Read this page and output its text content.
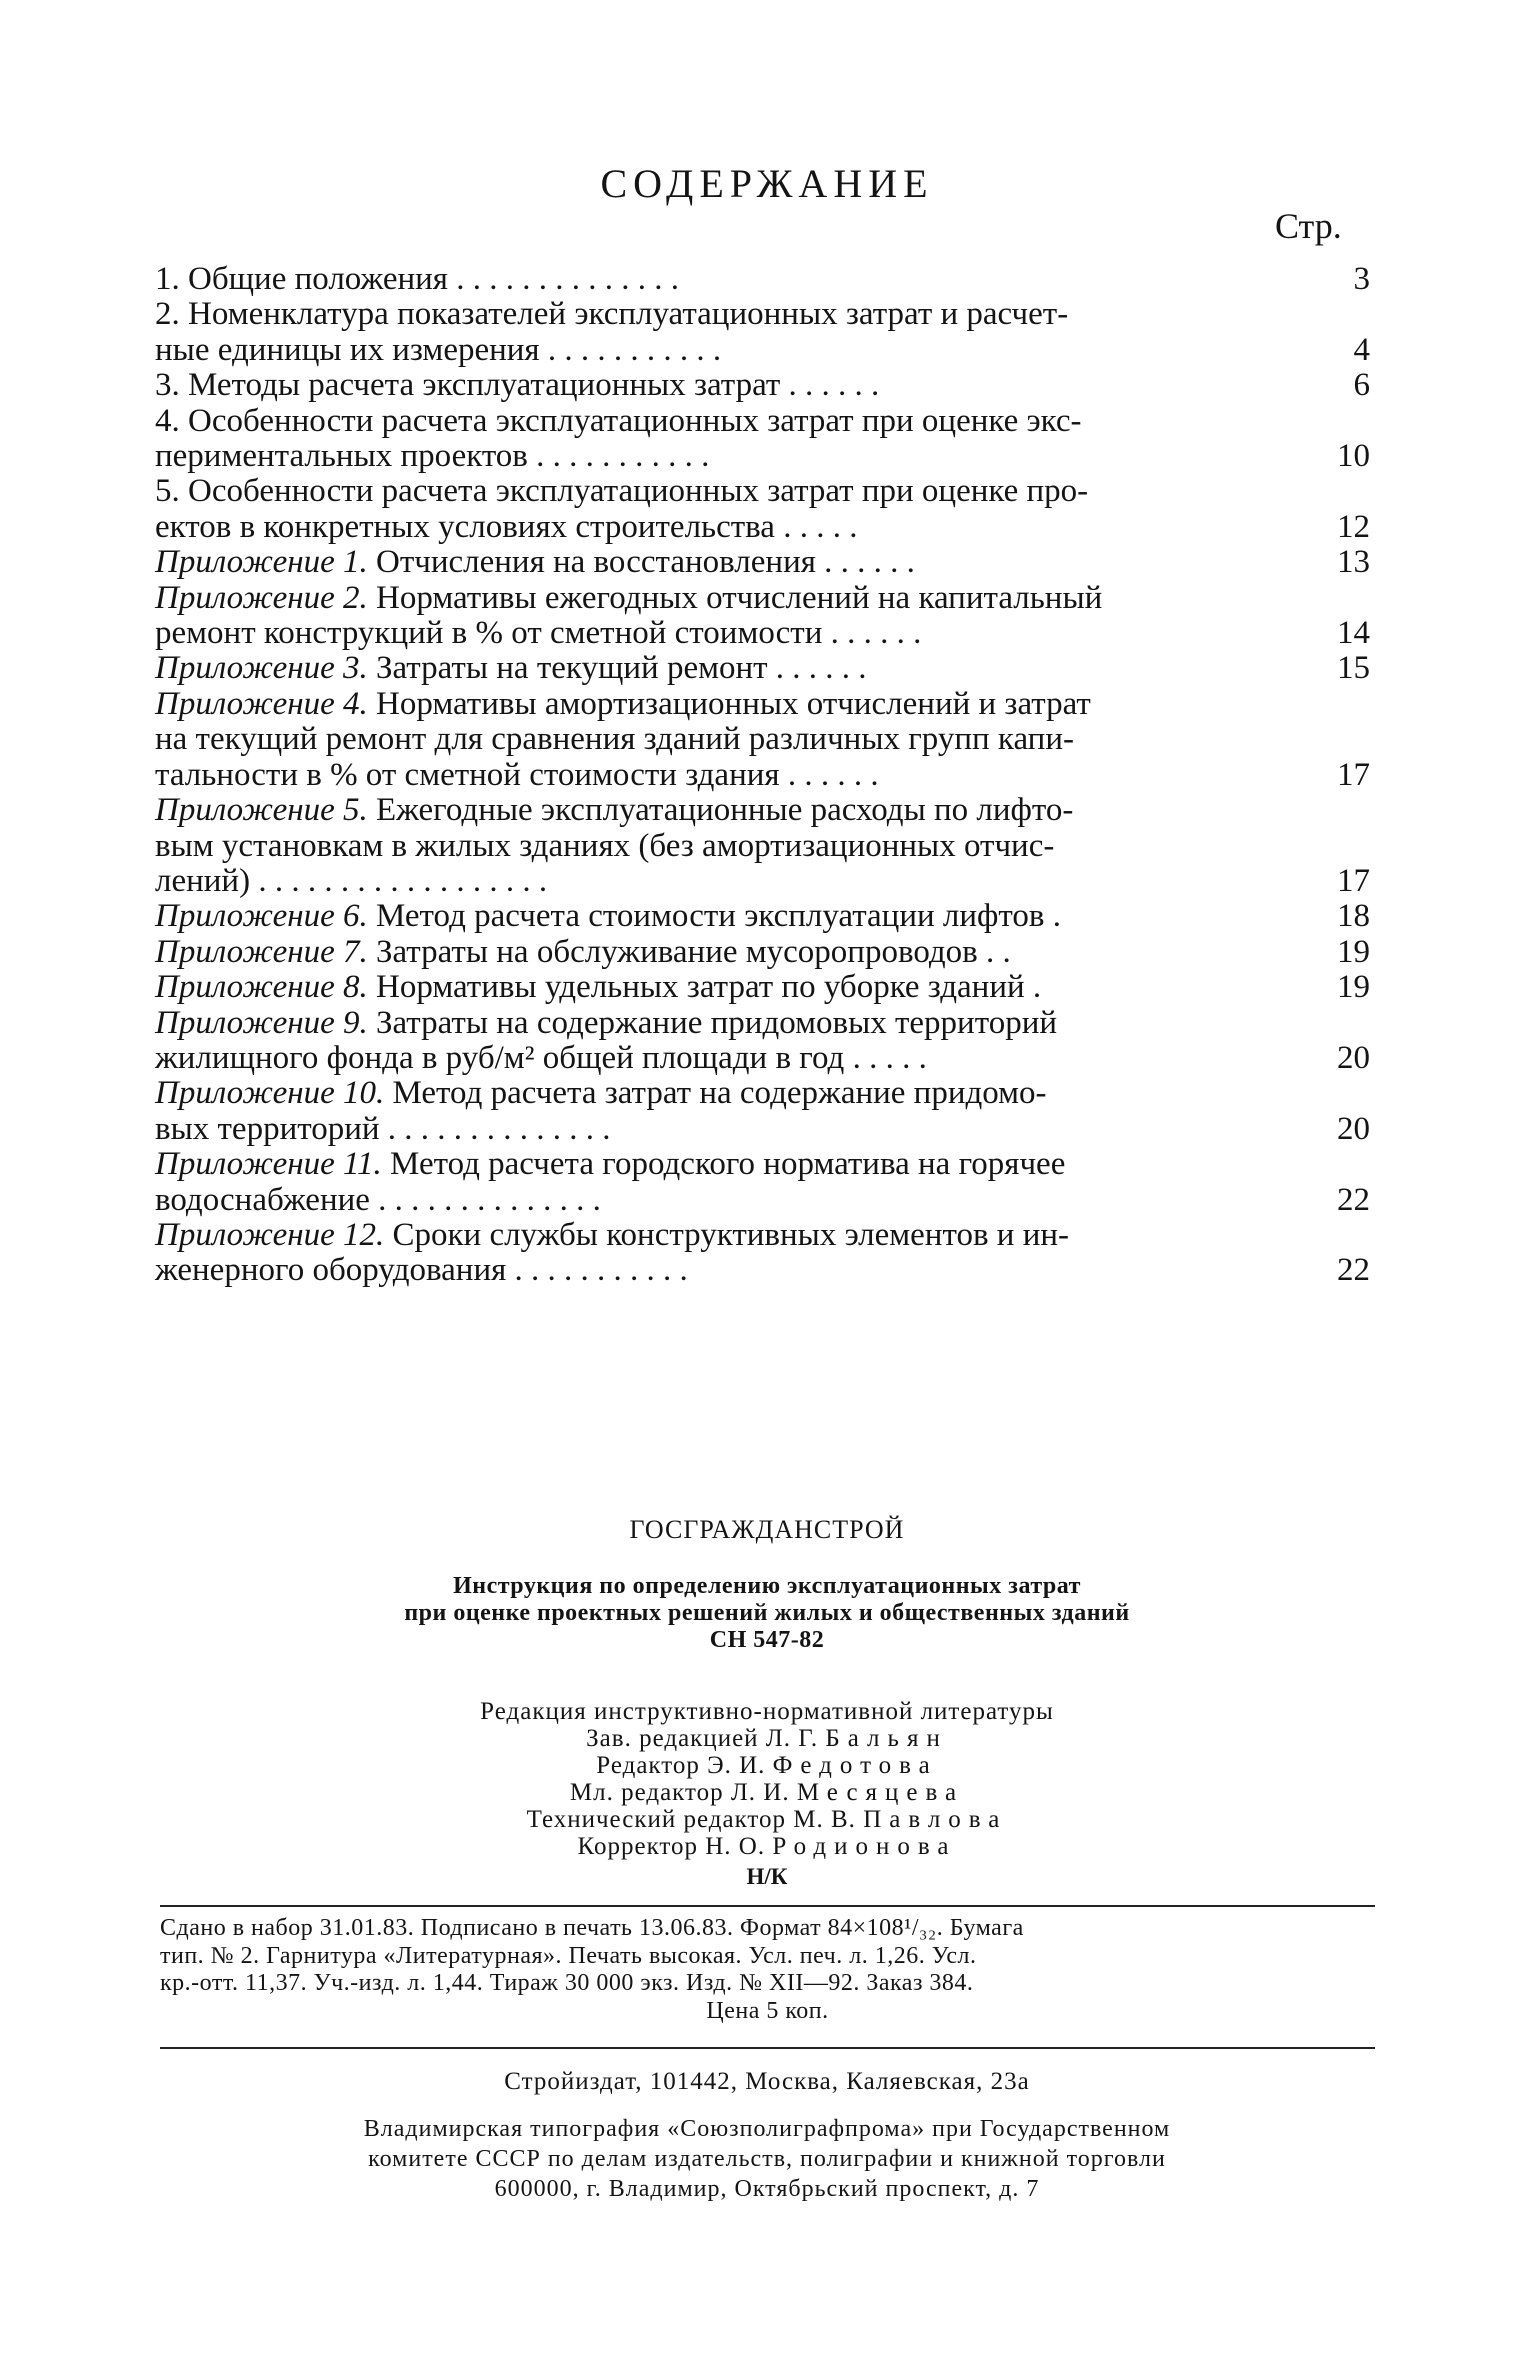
СОДЕРЖАНИЕ
Стр.
1. Общие положения . . . . . . . . . . . . . .	3
2. Номенклатура показателей эксплуатационных затрат и расчет-
ные единицы их измерения . . . . . . . . . . .	4
3. Методы расчета эксплуатационных затрат . . . . . .	6
4. Особенности расчета эксплуатационных затрат при оценке экс-
периментальных проектов . . . . . . . . . . .	10
5. Особенности расчета эксплуатационных затрат при оценке про-
ектов в конкретных условиях строительства . . . . .	12
Приложение 1. Отчисления на восстановления . . . . . .	13
Приложение 2. Нормативы ежегодных отчислений на капитальный
ремонт конструкций в % от сметной стоимости . . . . . .	14
Приложение 3. Затраты на текущий ремонт . . . . . .	15
Приложение 4. Нормативы амортизационных отчислений и затрат
на текущий ремонт для сравнения зданий различных групп капи-
тальности в % от сметной стоимости здания . . . . . .	17
Приложение 5. Ежегодные эксплуатационные расходы по лифто-
вым установкам в жилых зданиях (без амортизационных отчис-
лений) . . . . . . . . . . . . . . . . . .	17
Приложение 6. Метод расчета стоимости эксплуатации лифтов .	18
Приложение 7. Затраты на обслуживание мусоропроводов . .	19
Приложение 8. Нормативы удельных затрат по уборке зданий .	19
Приложение 9. Затраты на содержание придомовых территорий
жилищного фонда в руб/м² общей площади в год . . . . .	20
Приложение 10. Метод расчета затрат на содержание придомо-
вых территорий . . . . . . . . . . . . . .	20
Приложение 11. Метод расчета городского норматива на горячее
водоснабжение . . . . . . . . . . . . . .	22
Приложение 12. Сроки службы конструктивных элементов и ин-
женерного оборудования . . . . . . . . . . .	22
ГОСГРАЖДАНСТРОЙ
Инструкция по определению эксплуатационных затрат
при оценке проектных решений жилых и общественных зданий
СН 547-82
Редакция инструктивно-нормативной литературы
Зав. редакцией Л. Г. Бальян
Редактор Э. И. Федотова
Мл. редактор Л. И. Месяцева
Технический редактор М. В. Павлова
Корректор Н. О. Родионова
Н/К
Сдано в набор 31.01.83. Подписано в печать 13.06.83. Формат 84×108¹/₃₂. Бумага
тип. № 2. Гарнитура «Литературная». Печать высокая. Усл. печ. л. 1,26. Усл.
кр.-отт. 11,37. Уч.-изд. л. 1,44. Тираж 30 000 экз. Изд. № XII—92. Заказ 384.
Цена 5 коп.
Стройиздат, 101442, Москва, Каляевская, 23а
Владимирская типография «Союзполиграфпрома» при Государственном
комитете СССР по делам издательств, полиграфии и книжной торговли
600000, г. Владимир, Октябрьский проспект, д. 7
